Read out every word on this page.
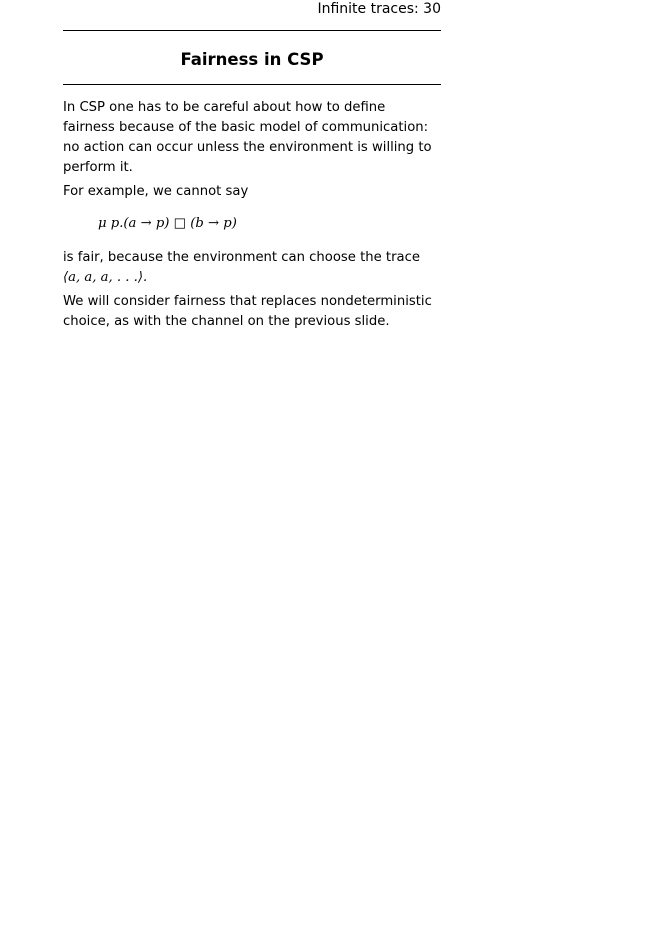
Infinite traces: 30
Fairness in CSP

In CSP one has to be careful about how to define fairness because of the basic model of communication: no action can occur unless the environment is willing to perform it.

For example, we cannot say

μ p.(a → p) □ (b → p)

is fair, because the environment can choose the trace
⟨a, a, a, . . .⟩.

We will consider fairness that replaces nondeterministic choice, as with the channel on the previous slide.
